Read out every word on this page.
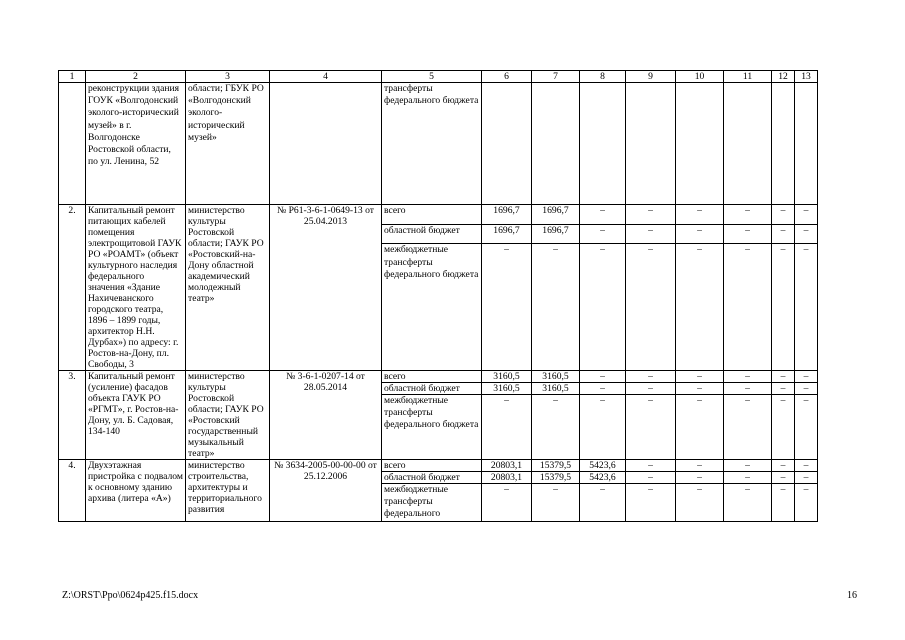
1	2	3	4	5	6	7	8	9	10	11	12	13
	реконструкции здания ГОУК «Волгодонский эколого-исторический музей» в г. Волгодонске Ростовской области, по ул. Ленина, 52	области; ГБУК РО «Волгодонский эколого-исторический музей»		трансферты федерального бюджета								
2.	Капитальный ремонт питающих кабелей помещения электрощитовой ГАУК РО «РОАМТ» (объект культурного наследия федерального значения «Здание Нахичеванского городского театра, 1896 – 1899 годы, архитектор Н.Н. Дурбах») по адресу: г. Ростов-на-Дону, пл. Свободы, 3	министерство культуры Ростовской области; ГАУК РО «Ростовский-на-Дону областной академический молодежный театр»	№ Р61-3-6-1-0649-13 от 25.04.2013	всего	1696,7	1696,7	–	–	–	–	–	–
				областной бюджет	1696,7	1696,7	–	–	–	–	–	–
				межбюджетные трансферты федерального бюджета	–	–	–	–	–	–	–	–
3.	Капитальный ремонт (усиление) фасадов объекта ГАУК РО «РГМТ», г. Ростов-на-Дону, ул. Б. Садовая, 134-140	министерство культуры Ростовской области; ГАУК РО «Ростовский государственный музыкальный театр»	№ 3-6-1-0207-14 от 28.05.2014	всего	3160,5	3160,5	–	–	–	–	–	–
				областной бюджет	3160,5	3160,5	–	–	–	–	–	–
				межбюджетные трансферты федерального бюджета	–	–	–	–	–	–	–	–
4.	Двухэтажная пристройка с подвалом к основному зданию архива (литера «А»)	министерство строительства, архитектуры и территориального развития	№ 3634-2005-00-00-00 от 25.12.2006	всего	20803,1	15379,5	5423,6	–	–	–	–	–
				областной бюджет	20803,1	15379,5	5423,6	–	–	–	–	–
				межбюджетные трансферты федерального	–	–	–	–	–	–	–	–
Z:\ORST\Ppo\0624p425.f15.docx	16
